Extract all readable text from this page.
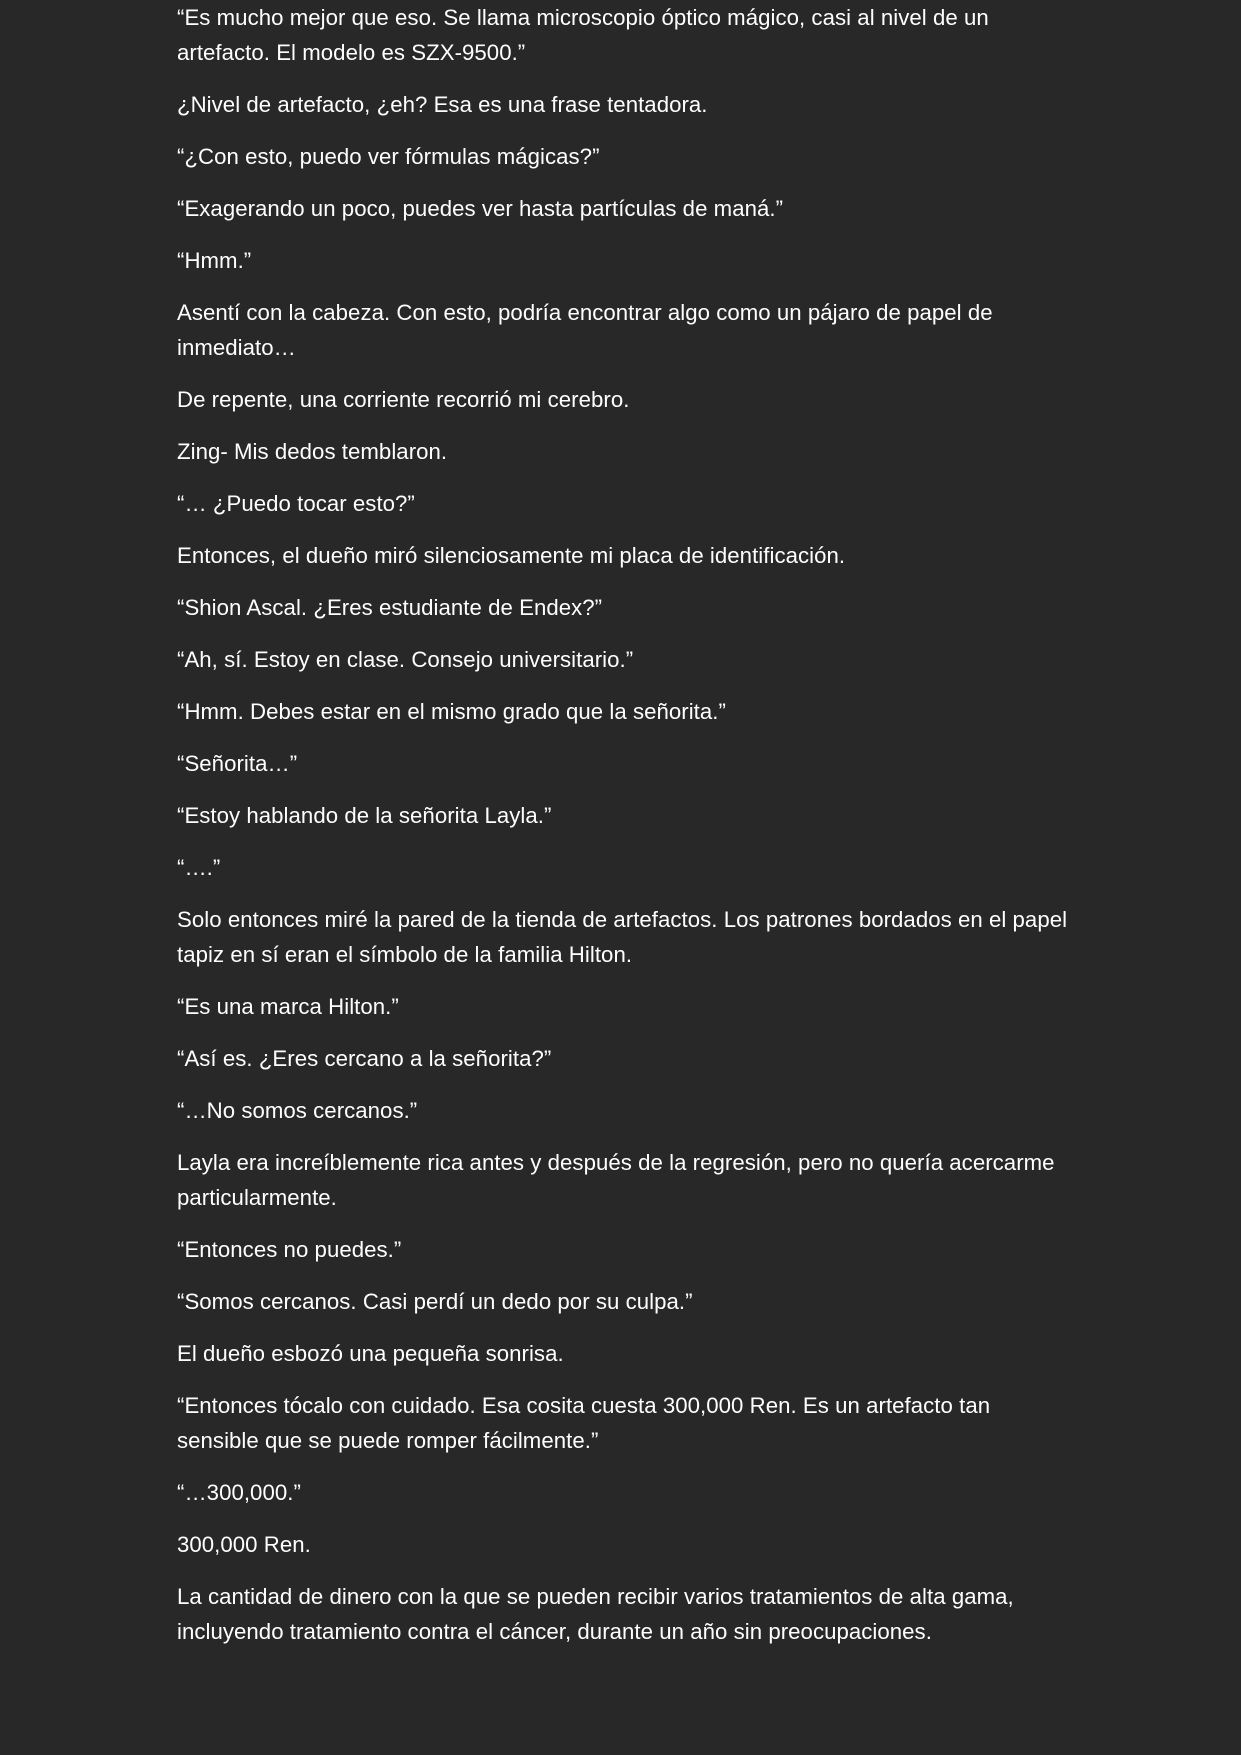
“Es mucho mejor que eso. Se llama microscopio óptico mágico, casi al nivel de un artefacto. El modelo es SZX-9500.”

¿Nivel de artefacto, ¿eh? Esa es una frase tentadora.

“¿Con esto, puedo ver fórmulas mágicas?”

“Exagerando un poco, puedes ver hasta partículas de maná.”

“Hmm.”

Asentí con la cabeza. Con esto, podría encontrar algo como un pájaro de papel de inmediato…

De repente, una corriente recorrió mi cerebro.

Zing- Mis dedos temblaron.

“… ¿Puedo tocar esto?”

Entonces, el dueño miró silenciosamente mi placa de identificación.

“Shion Ascal. ¿Eres estudiante de Endex?”

“Ah, sí. Estoy en clase. Consejo universitario.”

“Hmm. Debes estar en el mismo grado que la señorita.”

“Señorita…”

“Estoy hablando de la señorita Layla.”

“….”

Solo entonces miré la pared de la tienda de artefactos. Los patrones bordados en el papel tapiz en sí eran el símbolo de la familia Hilton.

“Es una marca Hilton.”

“Así es. ¿Eres cercano a la señorita?”

“…No somos cercanos.”

Layla era increíblemente rica antes y después de la regresión, pero no quería acercarme particularmente.

“Entonces no puedes.”

“Somos cercanos. Casi perdí un dedo por su culpa.”

El dueño esbozó una pequeña sonrisa.

“Entonces tócalo con cuidado. Esa cosita cuesta 300,000 Ren. Es un artefacto tan sensible que se puede romper fácilmente.”

“…300,000.”

300,000 Ren.

La cantidad de dinero con la que se pueden recibir varios tratamientos de alta gama, incluyendo tratamiento contra el cáncer, durante un año sin preocupaciones.
